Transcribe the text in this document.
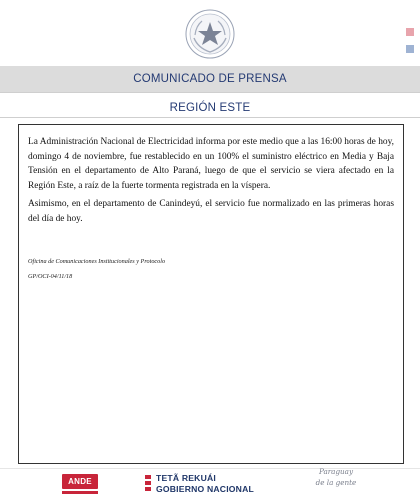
COMUNICADO DE PRENSA
REGIÓN ESTE

La Administración Nacional de Electricidad informa por este medio que a las 16:00 horas de hoy, domingo 4 de noviembre, fue restablecido en un 100% el suministro eléctrico en Media y Baja Tensión en el departamento de Alto Paraná, luego de que el servicio se viera afectado en la Región Este, a raíz de la fuerte tormenta registrada en la víspera.

Asimismo, en el departamento de Canindeyú, el servicio fue normalizado en las primeras horas del día de hoy.

Oficina de Comunicaciones Institucionales y Protocolo

GP/OCI-04/11/18

ANDE	TETÃ REKUÁI
GOBIERNO NACIONAL
Paraguay
de la gente
